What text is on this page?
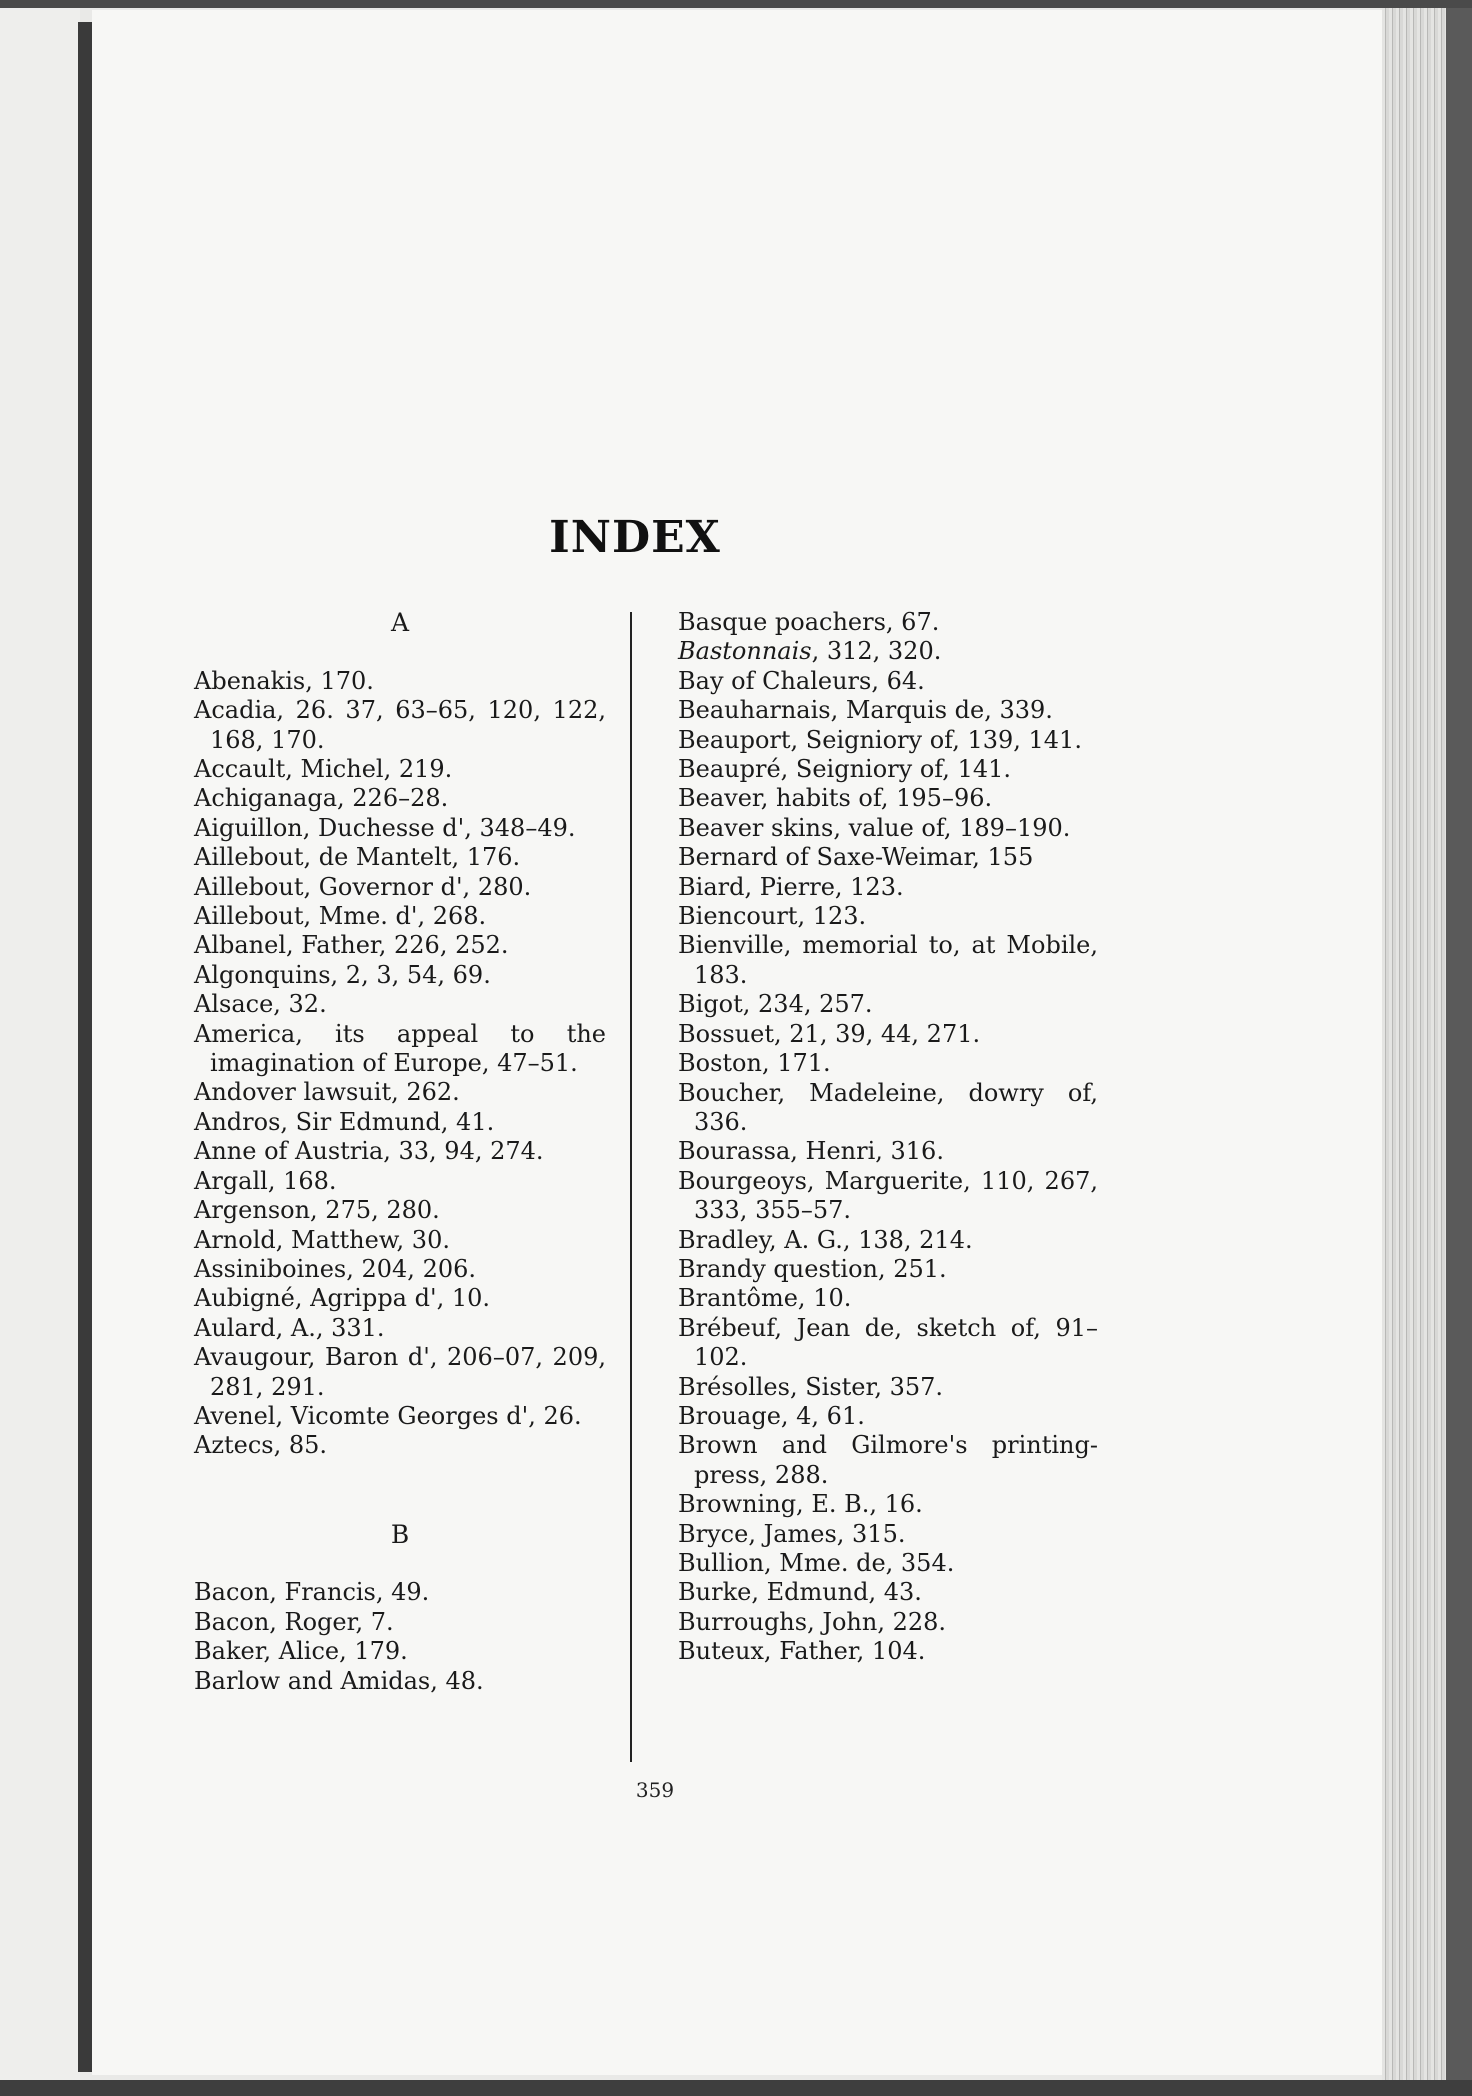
INDEX
A
Abenakis, 170.
Acadia, 26. 37, 63–65, 120, 122, 168, 170.
Accault, Michel, 219.
Achiganaga, 226–28.
Aiguillon, Duchesse d', 348–49.
Aillebout, de Mantelt, 176.
Aillebout, Governor d', 280.
Aillebout, Mme. d', 268.
Albanel, Father, 226, 252.
Algonquins, 2, 3, 54, 69.
Alsace, 32.
America, its appeal to the imagination of Europe, 47–51.
Andover lawsuit, 262.
Andros, Sir Edmund, 41.
Anne of Austria, 33, 94, 274.
Argall, 168.
Argenson, 275, 280.
Arnold, Matthew, 30.
Assiniboines, 204, 206.
Aubigné, Agrippa d', 10.
Aulard, A., 331.
Avaugour, Baron d', 206–07, 209, 281, 291.
Avenel, Vicomte Georges d', 26.
Aztecs, 85.
B
Bacon, Francis, 49.
Bacon, Roger, 7.
Baker, Alice, 179.
Barlow and Amidas, 48.
Basque poachers, 67.
Bastonnais, 312, 320.
Bay of Chaleurs, 64.
Beauharnais, Marquis de, 339.
Beauport, Seigniory of, 139, 141.
Beaupré, Seigniory of, 141.
Beaver, habits of, 195–96.
Beaver skins, value of, 189–190.
Bernard of Saxe-Weimar, 155
Biard, Pierre, 123.
Biencourt, 123.
Bienville, memorial to, at Mobile, 183.
Bigot, 234, 257.
Bossuet, 21, 39, 44, 271.
Boston, 171.
Boucher, Madeleine, dowry of, 336.
Bourassa, Henri, 316.
Bourgeoys, Marguerite, 110, 267, 333, 355–57.
Bradley, A. G., 138, 214.
Brandy question, 251.
Brantôme, 10.
Brébeuf, Jean de, sketch of, 91–102.
Brésolles, Sister, 357.
Brouage, 4, 61.
Brown and Gilmore's printing-press, 288.
Browning, E. B., 16.
Bryce, James, 315.
Bullion, Mme. de, 354.
Burke, Edmund, 43.
Burroughs, John, 228.
Buteux, Father, 104.
359
